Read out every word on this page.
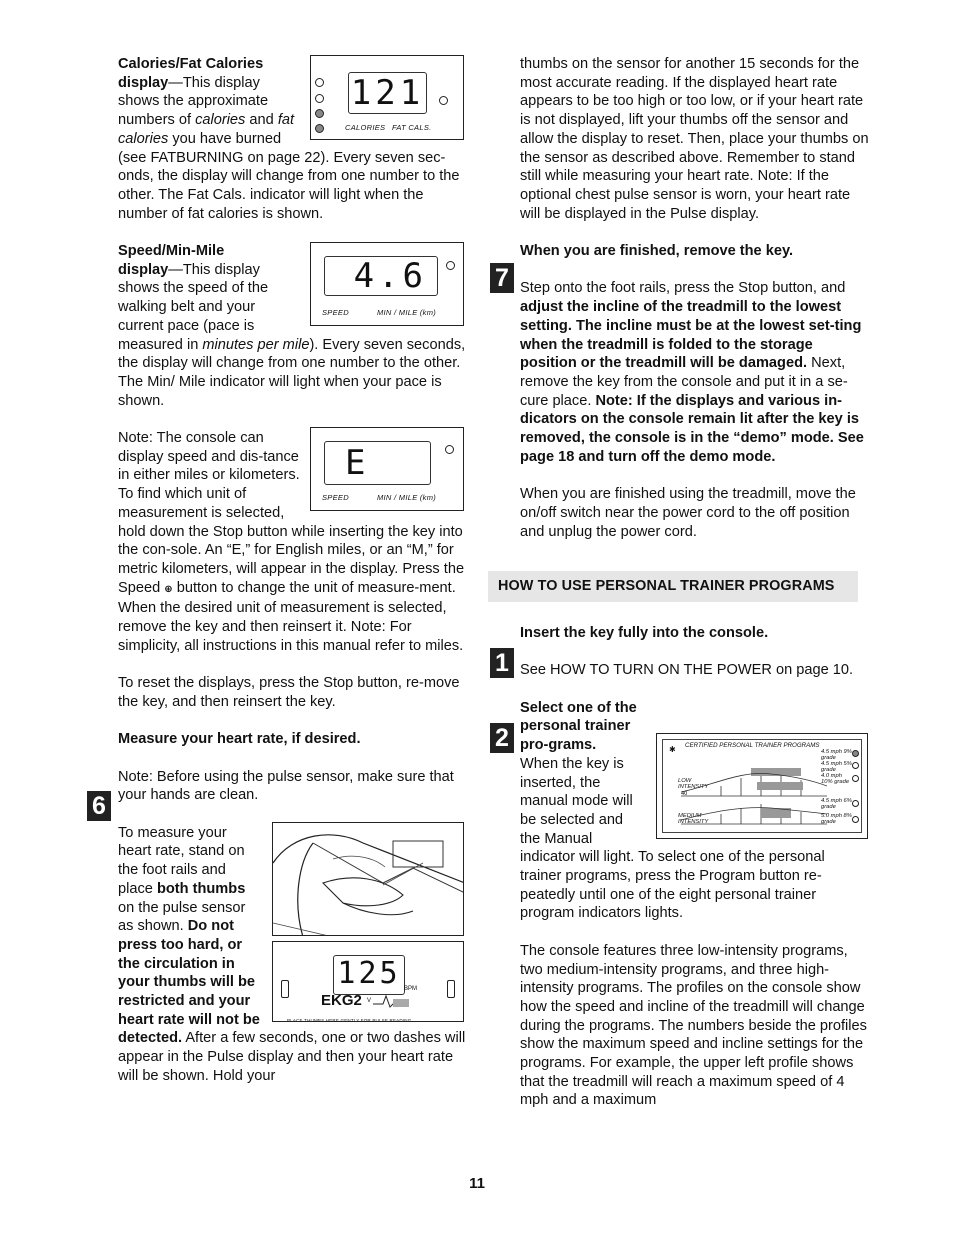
121
CALORIES FAT CALS.

Calories/Fat Calories
display—This display shows the approximate numbers of calories and fat calories you have burned (see FATBURNING on page 22). Every seven sec-onds, the display will change from one number to the other. The Fat Cals. indicator will light when the number of fat calories is shown.

4.6
SPEED	MIN / MILE (km)

Speed/Min-Mile
display—This display shows the speed of the walking belt and your current pace (pace is measured in minutes per mile). Every seven seconds, the display will change from one number to the other. The Min/ Mile indicator will light when your pace is shown.

E
SPEED	MIN / MILE (km)

Note: The console can display speed and dis-tance in either miles or kilometers. To find which unit of measurement is selected, hold down the Stop button while inserting the key into the con-sole. An “E,” for English miles, or an “M,” for metric kilometers, will appear in the display. Press the Speed ⊕ button to change the unit of measure-ment. When the desired unit of measurement is selected, remove the key and then reinsert it. Note: For simplicity, all instructions in this manual refer to miles.

To reset the displays, press the Stop button, re-move the key, and then reinsert the key.

Measure your heart rate, if desired.

Note: Before using the pulse sensor, make sure that your hands are clean.

125 BPM
EKG2 V
PLACE THUMBS HERE GENTLY FOR PULSE READING

To measure your heart rate, stand on the foot rails and place both thumbs on the pulse sensor as shown. Do not press too hard, or the circulation in your thumbs will be restricted and your heart rate will not be detected. After a few seconds, one or two dashes will appear in the Pulse display and then your heart rate will be shown. Hold your

6

thumbs on the sensor for another 15 seconds for the most accurate reading. If the displayed heart rate appears to be too high or too low, or if your heart rate is not displayed, lift your thumbs off the sensor and allow the display to reset. Then, place your thumbs on the sensor as described above. Remember to stand still while measuring your heart rate. Note: If the optional chest pulse sensor is worn, your heart rate will be displayed in the Pulse display.

When you are finished, remove the key.

Step onto the foot rails, press the Stop button, and adjust the incline of the treadmill to the lowest setting. The incline must be at the lowest set-ting when the treadmill is folded to the storage position or the treadmill will be damaged. Next, remove the key from the console and put it in a se-cure place. Note: If the displays and various in-dicators on the console remain lit after the key is removed, the console is in the “demo” mode. See page 18 and turn off the demo mode.

When you are finished using the treadmill, move the on/off switch near the power cord to the off position and unplug the power cord.

HOW TO USE PERSONAL TRAINER PROGRAMS

Insert the key fully into the console.

See HOW TO TURN ON THE POWER on page 10.

CERTIFIED PERSONAL TRAINER PROGRAMS
✱
LOW INTENSITY
MEDIUM INTENSITY
40
4.5 mph 9% grade
4.5 mph 5% grade
4.0 mph 10% grade
4.5 mph 6% grade
5.0 mph 8% grade

Select one of the personal trainer pro-grams.
When the key is inserted, the manual mode will be selected and the Manual indicator will light. To select one of the personal trainer programs, press the Program button re-peatedly until one of the eight personal trainer program indicators lights.

The console features three low-intensity programs, two medium-intensity programs, and three high-intensity programs. The profiles on the console show how the speed and incline of the treadmill will change during the programs. The numbers beside the profiles show the maximum speed and incline settings for the programs. For example, the upper left profile shows that the treadmill will reach a maximum speed of 4 mph and a maximum

7
1
2
11
